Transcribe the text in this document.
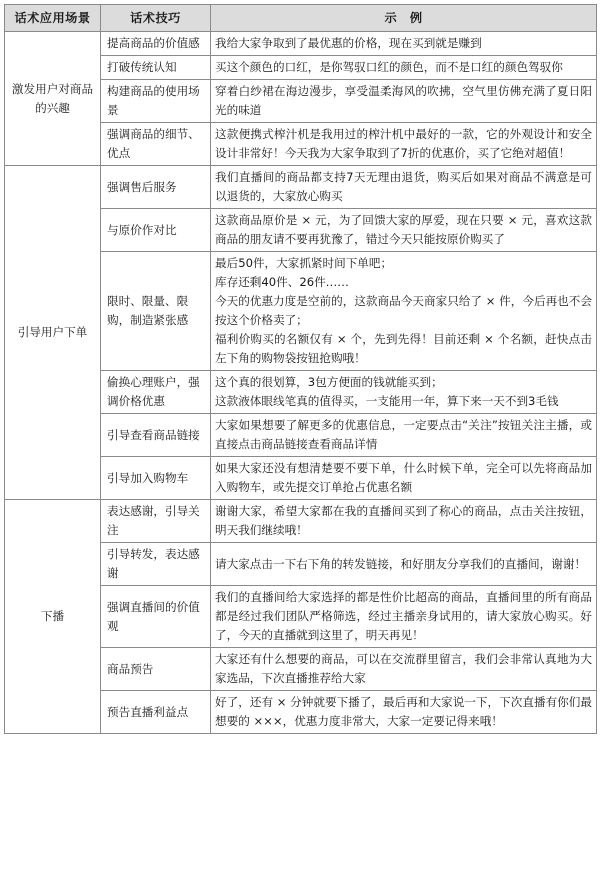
话术应用场景	话术技巧	示　例
激发用户对商品的兴趣	提高商品的价值感	我给大家争取到了最优惠的价格，现在买到就是赚到
	打破传统认知	买这个颜色的口红，是你驾驭口红的颜色，而不是口红的颜色驾驭你
	构建商品的使用场景	穿着白纱裙在海边漫步，享受温柔海风的吹拂，空气里仿佛充满了夏日阳光的味道
	强调商品的细节、优点	这款便携式榨汁机是我用过的榨汁机中最好的一款，它的外观设计和安全设计非常好！今天我为大家争取到了7折的优惠价，买了它绝对超值！
引导用户下单	强调售后服务	我们直播间的商品都支持7天无理由退货，购买后如果对商品不满意是可以退货的，大家放心购买
	与原价作对比	这款商品原价是 × 元，为了回馈大家的厚爱，现在只要 × 元，喜欢这款商品的朋友请不要再犹豫了，错过今天只能按原价购买了
	限时、限量、限购，制造紧张感	最后50件，大家抓紧时间下单吧；
库存还剩40件、26件……
今天的优惠力度是空前的，这款商品今天商家只给了 × 件，今后再也不会按这个价格卖了；
福利价购买的名额仅有 × 个，先到先得！目前还剩 × 个名额，赶快点击左下角的购物袋按钮抢购哦！

	偷换心理账户，强调价格优惠	这个真的很划算，3包方便面的钱就能买到；
这款液体眼线笔真的值得买，一支能用一年，算下来一天不到3毛钱

	引导查看商品链接	大家如果想要了解更多的优惠信息，一定要点击“关注”按钮关注主播，或直接点击商品链接查看商品详情
	引导加入购物车	如果大家还没有想清楚要不要下单，什么时候下单，完全可以先将商品加入购物车，或先提交订单抢占优惠名额
下播	表达感谢，引导关注	谢谢大家，希望大家都在我的直播间买到了称心的商品，点击关注按钮，明天我们继续哦！
	引导转发，表达感谢	请大家点击一下右下角的转发链接，和好朋友分享我们的直播间，谢谢！
	强调直播间的价值观	我们的直播间给大家选择的都是性价比超高的商品，直播间里的所有商品都是经过我们团队严格筛选，经过主播亲身试用的，请大家放心购买。好了，今天的直播就到这里了，明天再见！
	商品预告	大家还有什么想要的商品，可以在交流群里留言，我们会非常认真地为大家选品，下次直播推荐给大家
	预告直播利益点	好了，还有 × 分钟就要下播了，最后再和大家说一下，下次直播有你们最想要的 ×××，优惠力度非常大，大家一定要记得来哦！
